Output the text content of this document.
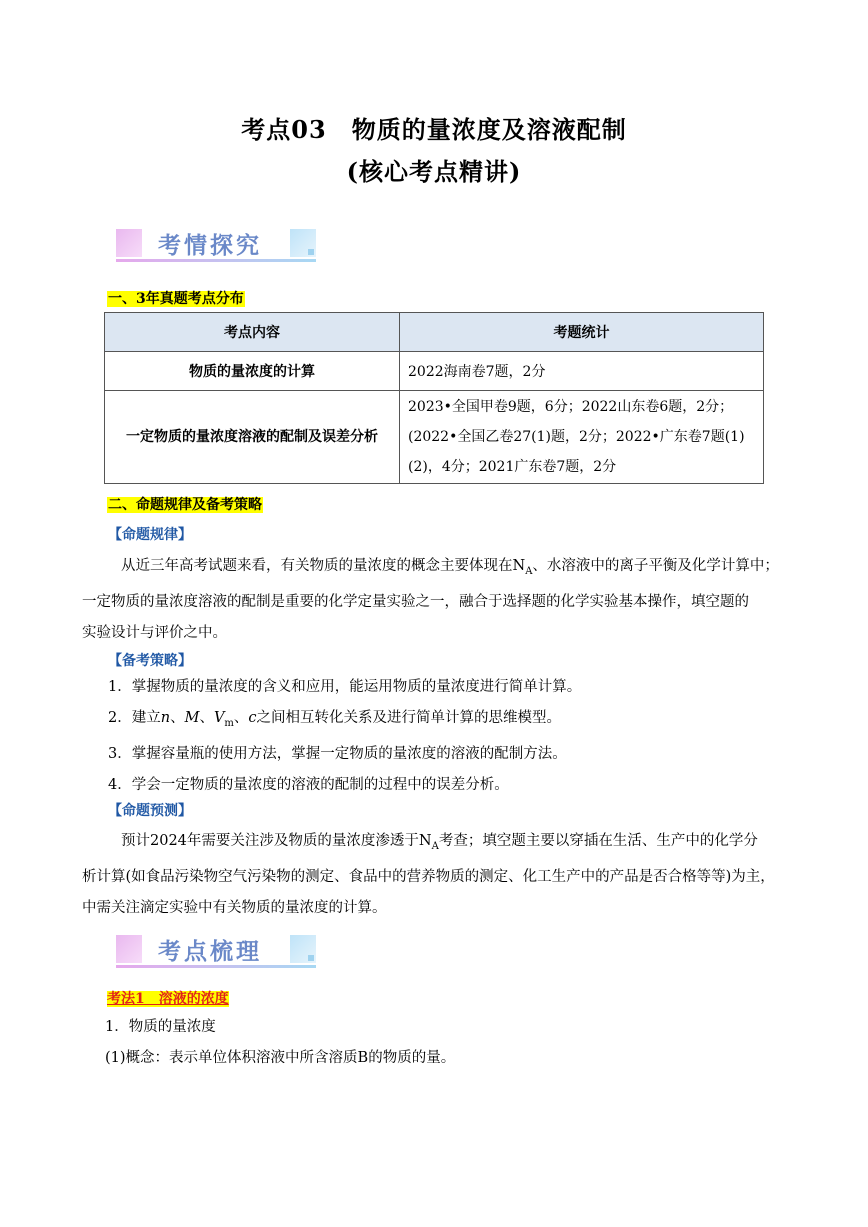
考点03　物质的量浓度及溶液配制
(核心考点精讲)
考情探究
一、3年真题考点分布
考点内容	考题统计
物质的量浓度的计算	2022海南卷7题，2分
一定物质的量浓度溶液的配制及误差分析	2023•全国甲卷9题，6分；2022山东卷6题，2分；(2022•全国乙卷27(1)题，2分；2022•广东卷7题(1)(2)，4分；2021广东卷7题，2分
二、命题规律及备考策略
【命题规律】
从近三年高考试题来看，有关物质的量浓度的概念主要体现在$N_A$、水溶液中的离子平衡及化学计算中；
一定物质的量浓度溶液的配制是重要的化学定量实验之一，融合于选择题的化学实验基本操作，填空题的
实验设计与评价之中。
【备考策略】
1．掌握物质的量浓度的含义和应用，能运用物质的量浓度进行简单计算。
2．建立n、M、$V_m$、c之间相互转化关系及进行简单计算的思维模型。
3．掌握容量瓶的使用方法，掌握一定物质的量浓度的溶液的配制方法。
4．学会一定物质的量浓度的溶液的配制的过程中的误差分析。
【命题预测】
预计2024年需要关注涉及物质的量浓度渗透于$N_A$考查；填空题主要以穿插在生活、生产中的化学分
析计算(如食品污染物空气污染物的测定、食品中的营养物质的测定、化工生产中的产品是否合格等等)为主，
中需关注滴定实验中有关物质的量浓度的计算。
考点梳理
考法1　溶液的浓度
1．物质的量浓度
(1)概念：表示单位体积溶液中所含溶质B的物质的量。
